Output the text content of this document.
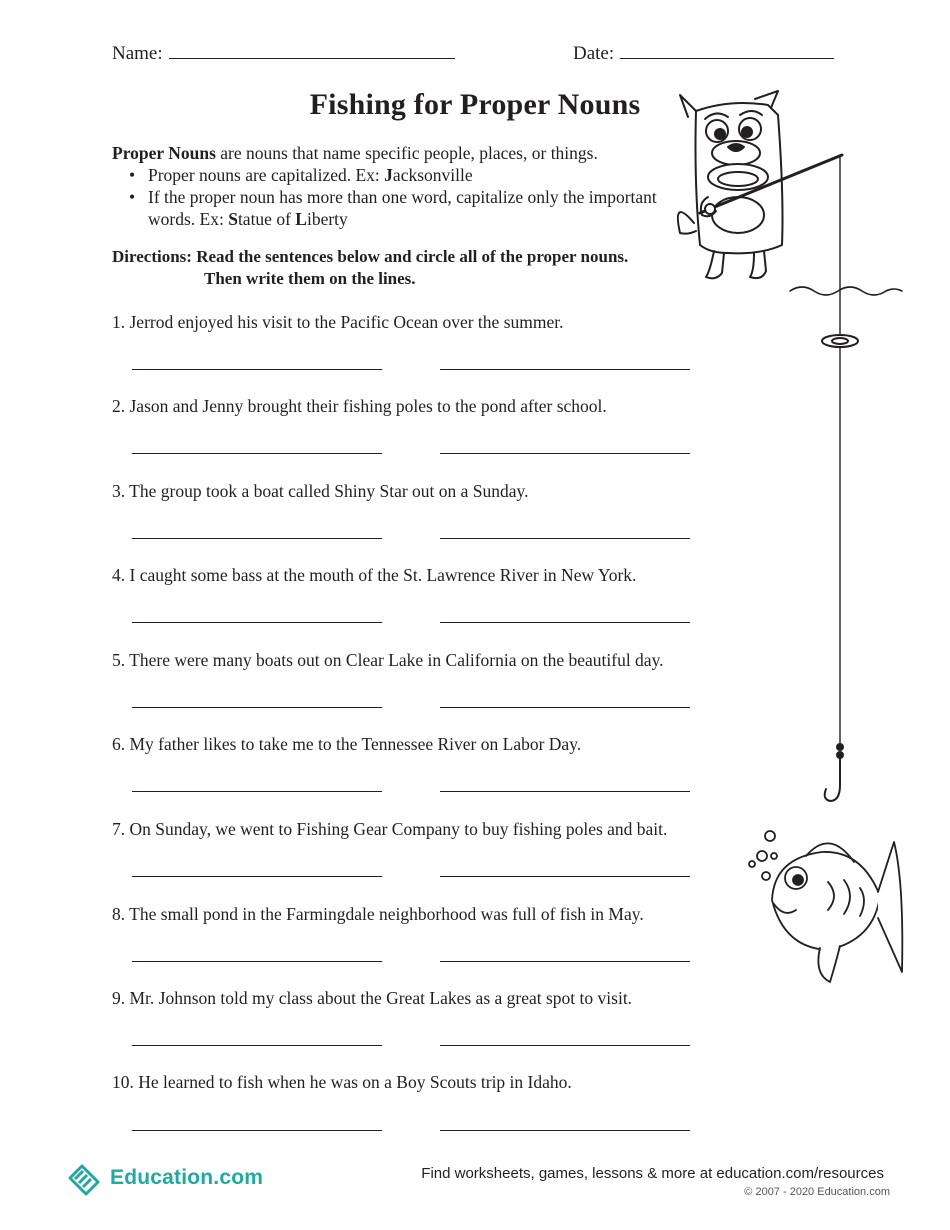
Name:	Date:
Fishing for Proper Nouns
Proper Nouns are nouns that name specific people, places, or things.
• Proper nouns are capitalized. Ex: Jacksonville
• If the proper noun has more than one word, capitalize only the important words. Ex: Statue of Liberty
Directions: Read the sentences below and circle all of the proper nouns.
Then write them on the lines.
1. Jerrod enjoyed his visit to the Pacific Ocean over the summer.
2. Jason and Jenny brought their fishing poles to the pond after school.
3. The group took a boat called Shiny Star out on a Sunday.
4. I caught some bass at the mouth of the St. Lawrence River in New York.
5. There were many boats out on Clear Lake in California on the beautiful day.
6. My father likes to take me to the Tennessee River on Labor Day.
7. On Sunday, we went to Fishing Gear Company to buy fishing poles and bait.
8. The small pond in the Farmingdale neighborhood was full of fish in May.
9. Mr. Johnson told my class about the Great Lakes as a great spot to visit.
10. He learned to fish when he was on a Boy Scouts trip in Idaho.
Education.com	Find worksheets, games, lessons & more at education.com/resources
© 2007 - 2020 Education.com
